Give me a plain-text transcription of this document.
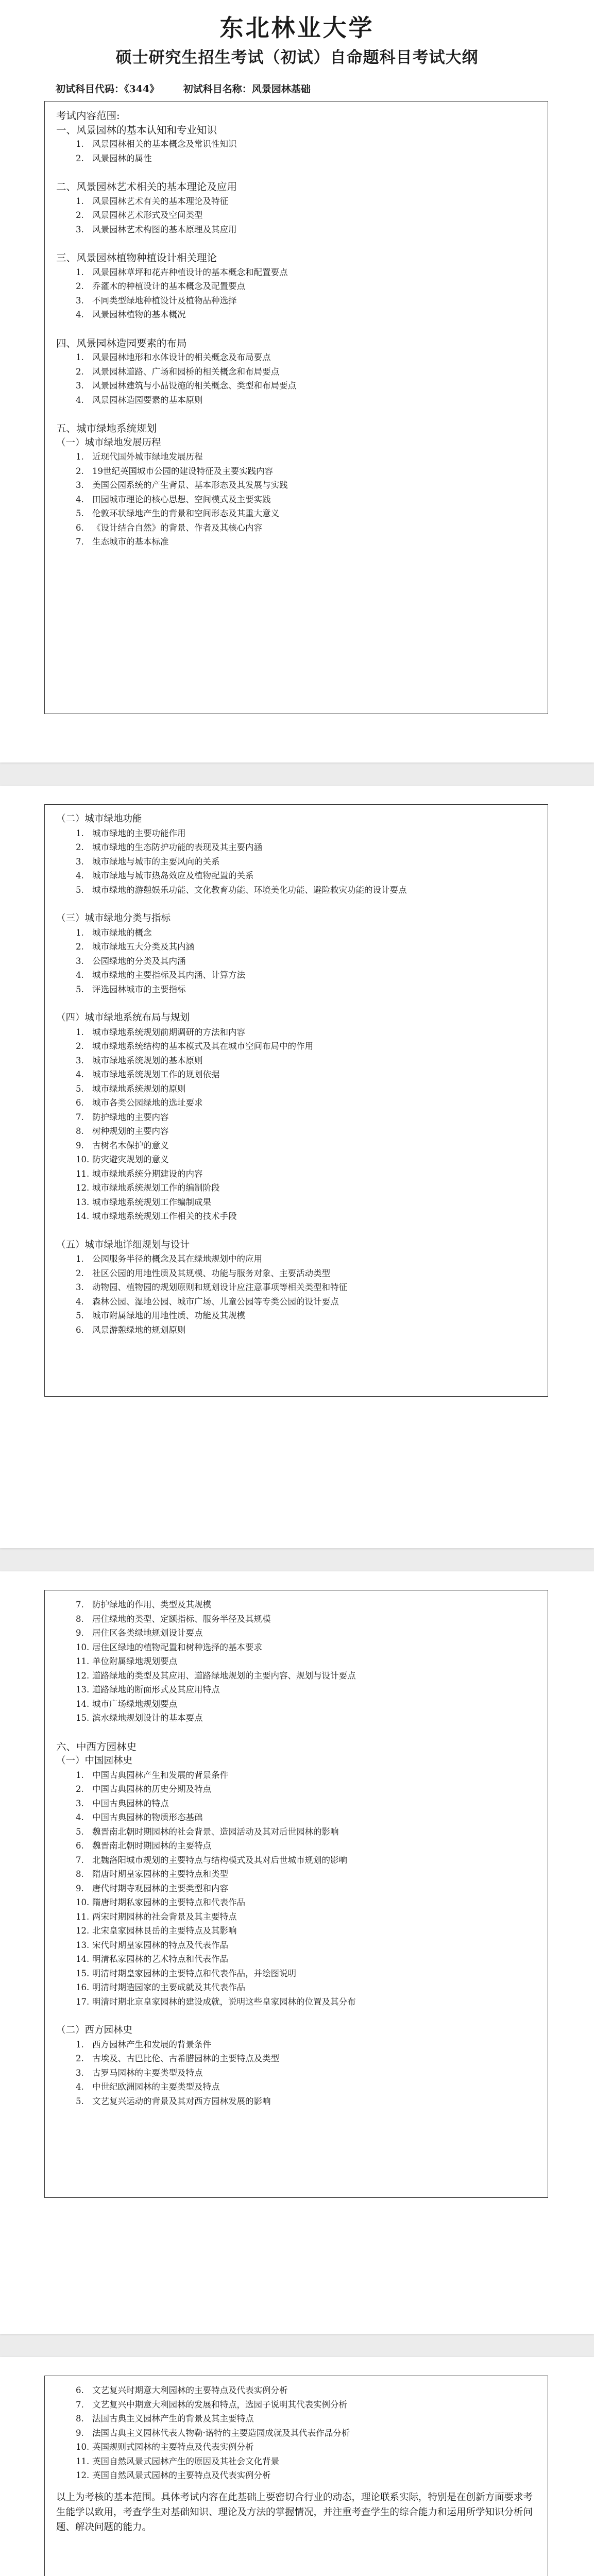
东北林业大学
硕士研究生招生考试（初试）自命题科目考试大纲
初试科目代码：《344》 初试科目名称：风景园林基础
考试内容范围:
一、风景园林的基本认知和专业知识
1. 风景园林相关的基本概念及常识性知识
2. 风景园林的属性
二、风景园林艺术相关的基本理论及应用
1. 风景园林艺术有关的基本理论及特征
2. 风景园林艺术形式及空间类型
3. 风景园林艺术构图的基本原理及其应用
三、风景园林植物种植设计相关理论
1. 风景园林草坪和花卉种植设计的基本概念和配置要点
2. 乔灌木的种植设计的基本概念及配置要点
3. 不同类型绿地种植设计及植物品种选择
4. 风景园林植物的基本概况
四、风景园林造园要素的布局
1. 风景园林地形和水体设计的相关概念及布局要点
2. 风景园林道路、广场和园桥的相关概念和布局要点
3. 风景园林建筑与小品设施的相关概念、类型和布局要点
4. 风景园林造园要素的基本原则
五、城市绿地系统规划
（一）城市绿地发展历程
1. 近现代国外城市绿地发展历程
2. 19世纪英国城市公园的建设特征及主要实践内容
3. 美国公园系统的产生背景、基本形态及其发展与实践
4. 田园城市理论的核心思想、空间模式及主要实践
5. 伦敦环状绿地产生的背景和空间形态及其重大意义
6. 《设计结合自然》的背景、作者及其核心内容
7. 生态城市的基本标准
（二）城市绿地功能
1. 城市绿地的主要功能作用
2. 城市绿地的生态防护功能的表现及其主要内涵
3. 城市绿地与城市的主要风向的关系
4. 城市绿地与城市热岛效应及植物配置的关系
5. 城市绿地的游憩娱乐功能、文化教育功能、环境美化功能、避险救灾功能的设计要点
（三）城市绿地分类与指标
1. 城市绿地的概念
2. 城市绿地五大分类及其内涵
3. 公园绿地的分类及其内涵
4. 城市绿地的主要指标及其内涵、计算方法
5. 评选园林城市的主要指标
（四）城市绿地系统布局与规划
1. 城市绿地系统规划前期调研的方法和内容
2. 城市绿地系统结构的基本模式及其在城市空间布局中的作用
3. 城市绿地系统规划的基本原则
4. 城市绿地系统规划工作的规划依据
5. 城市绿地系统规划的原则
6. 城市各类公园绿地的选址要求
7. 防护绿地的主要内容
8. 树种规划的主要内容
9. 古树名木保护的意义
10. 防灾避灾规划的意义
11. 城市绿地系统分期建设的内容
12. 城市绿地系统规划工作的编制阶段
13. 城市绿地系统规划工作编制成果
14. 城市绿地系统规划工作相关的技术手段
（五）城市绿地详细规划与设计
1. 公园服务半径的概念及其在绿地规划中的应用
2. 社区公园的用地性质及其规模、功能与服务对象、主要活动类型
3. 动物园、植物园的规划原则和规划设计应注意事项等相关类型和特征
4. 森林公园、湿地公园、城市广场、儿童公园等专类公园的设计要点
5. 城市附属绿地的用地性质、功能及其规模
6. 风景游憩绿地的规划原则
7. 防护绿地的作用、类型及其规模
8. 居住绿地的类型、定额指标、服务半径及其规模
9. 居住区各类绿地规划设计要点
10. 居住区绿地的植物配置和树种选择的基本要求
11. 单位附属绿地规划要点
12. 道路绿地的类型及其应用、道路绿地规划的主要内容、规划与设计要点
13. 道路绿地的断面形式及其应用特点
14. 城市广场绿地规划要点
15. 滨水绿地规划设计的基本要点
六、中西方园林史
（一）中国园林史
1. 中国古典园林产生和发展的背景条件
2. 中国古典园林的历史分期及特点
3. 中国古典园林的特点
4. 中国古典园林的物质形态基础
5. 魏晋南北朝时期园林的社会背景、造园活动及其对后世园林的影响
6. 魏晋南北朝时期园林的主要特点
7. 北魏洛阳城市规划的主要特点与结构模式及其对后世城市规划的影响
8. 隋唐时期皇家园林的主要特点和类型
9. 唐代时期寺观园林的主要类型和内容
10. 隋唐时期私家园林的主要特点和代表作品
11. 两宋时期园林的社会背景及其主要特点
12. 北宋皇家园林艮岳的主要特点及其影响
13. 宋代时期皇家园林的特点及代表作品
14. 明清私家园林的艺术特点和代表作品
15. 明清时期皇家园林的主要特点和代表作品，并绘图说明
16. 明清时期造园家的主要成就及其代表作品
17. 明清时期北京皇家园林的建设成就，说明这些皇家园林的位置及其分布
（二）西方园林史
1. 西方园林产生和发展的背景条件
2. 古埃及、古巴比伦、古希腊园林的主要特点及类型
3. 古罗马园林的主要类型及特点
4. 中世纪欧洲园林的主要类型及特点
5. 文艺复兴运动的背景及其对西方园林发展的影响
6. 文艺复兴时期意大利园林的主要特点及代表实例分析
7. 文艺复兴中期意大利园林的发展和特点，选园子说明其代表实例分析
8. 法国古典主义园林产生的背景及其主要特点
9. 法国古典主义园林代表人物勒·诺特的主要造园成就及其代表作品分析
10. 英国规则式园林的主要特点及代表实例分析
11. 英国自然风景式园林产生的原因及其社会文化背景
12. 英国自然风景式园林的主要特点及代表实例分析
以上为考核的基本范围。具体考试内容在此基础上要密切合行业的动态，理论联系实际，特别是在创新方面要求考生能学以致用，考查学生对基础知识、理论及方法的掌握情况，并注重考查学生的综合能力和运用所学知识分析问题、解决问题的能力。
